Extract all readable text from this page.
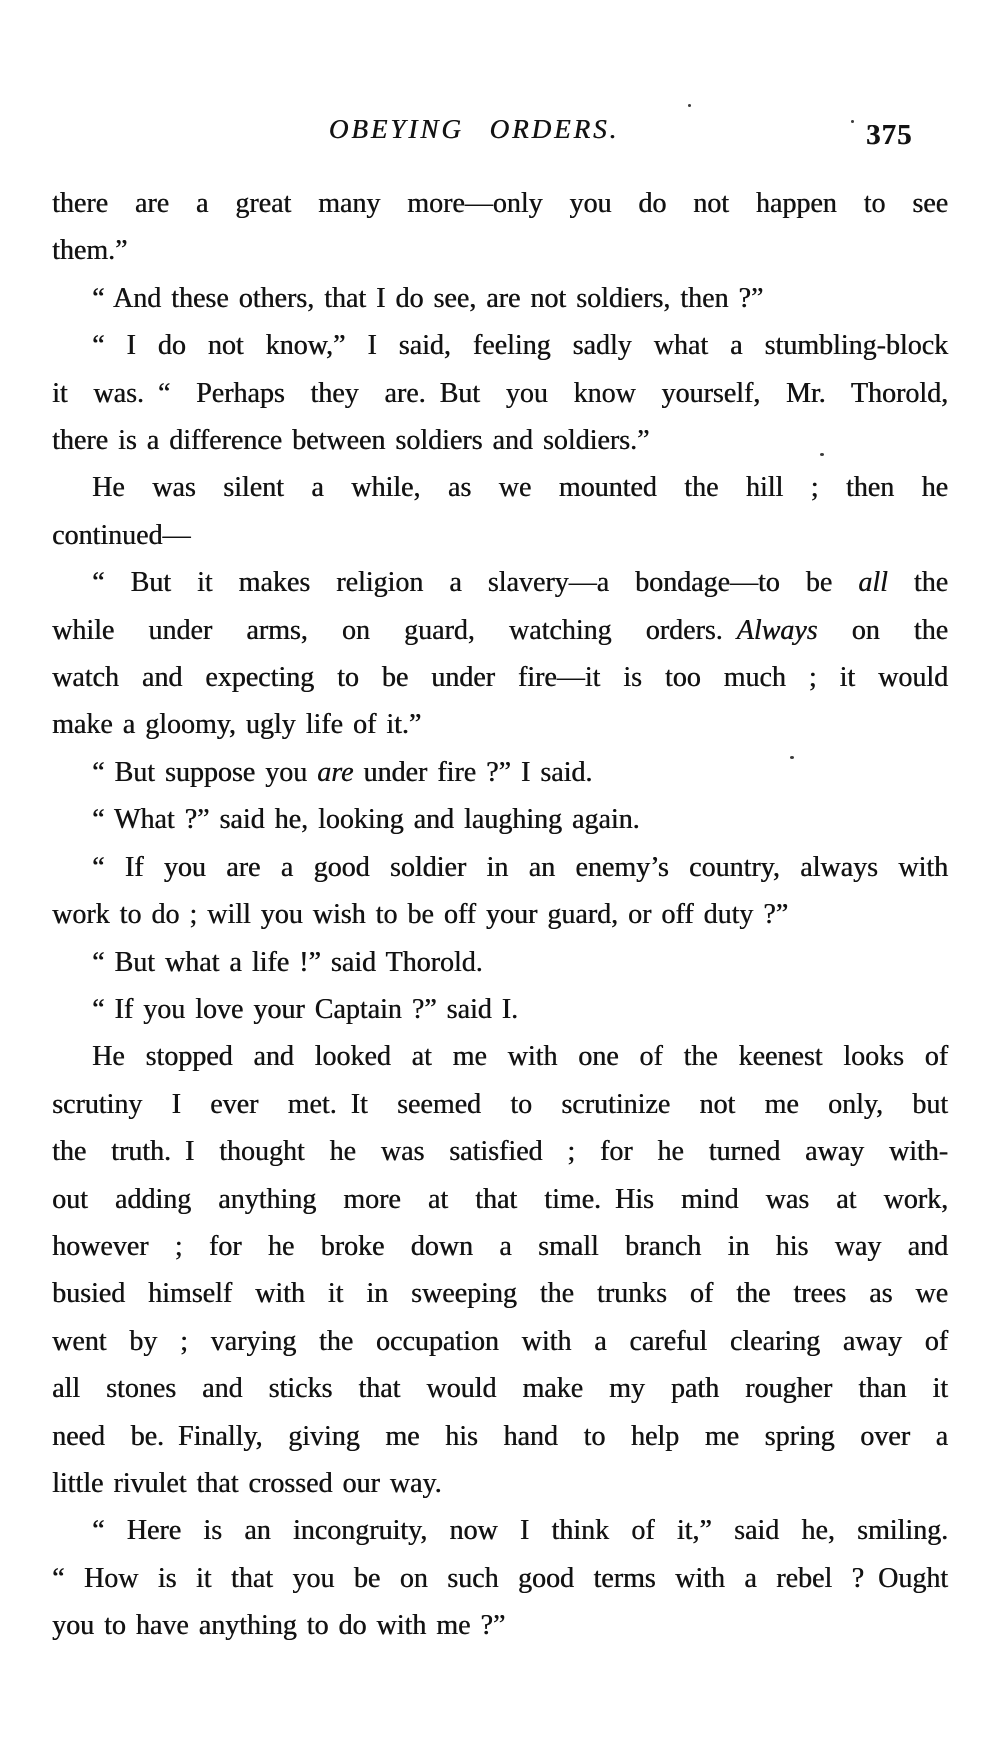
OBEYING ORDERS.	375
there are a great many more—only you do not happen to see
them.”
“ And these others, that I do see, are not soldiers, then ?”
“ I do not know,” I said, feeling sadly what a stumbling-block
it was. “ Perhaps they are. But you know yourself, Mr. Thorold,
there is a difference between soldiers and soldiers.”
He was silent a while, as we mounted the hill ; then he
continued—
“ But it makes religion a slavery—a bondage—to be all the
while under arms, on guard, watching orders. Always on the
watch and expecting to be under fire—it is too much ; it would
make a gloomy, ugly life of it.”
“ But suppose you are under fire ?” I said.
“ What ?” said he, looking and laughing again.
“ If you are a good soldier in an enemy’s country, always with
work to do ; will you wish to be off your guard, or off duty ?”
“ But what a life !” said Thorold.
“ If you love your Captain ?” said I.
He stopped and looked at me with one of the keenest looks of
scrutiny I ever met. It seemed to scrutinize not me only, but
the truth. I thought he was satisfied ; for he turned away with-
out adding anything more at that time. His mind was at work,
however ; for he broke down a small branch in his way and
busied himself with it in sweeping the trunks of the trees as we
went by ; varying the occupation with a careful clearing away of
all stones and sticks that would make my path rougher than it
need be. Finally, giving me his hand to help me spring over a
little rivulet that crossed our way.
“ Here is an incongruity, now I think of it,” said he, smiling.
“ How is it that you be on such good terms with a rebel ? Ought
you to have anything to do with me ?”
